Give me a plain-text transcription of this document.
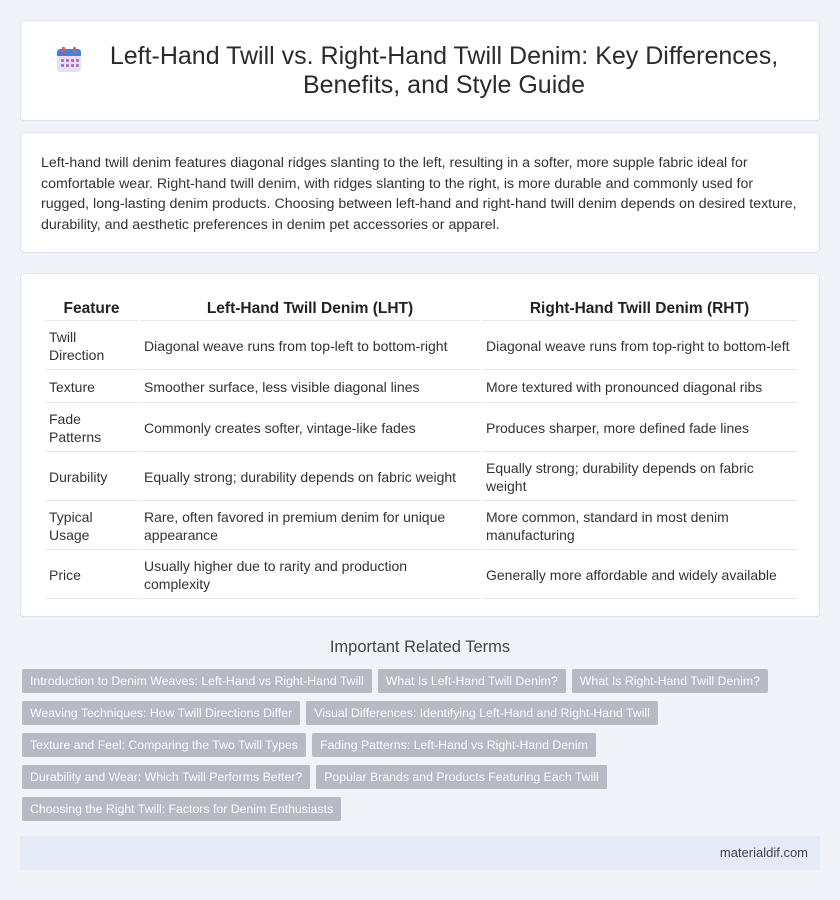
Left-Hand Twill vs. Right-Hand Twill Denim: Key Differences, Benefits, and Style Guide

Left-hand twill denim features diagonal ridges slanting to the left, resulting in a softer, more supple fabric ideal for comfortable wear. Right-hand twill denim, with ridges slanting to the right, is more durable and commonly used for rugged, long-lasting denim products. Choosing between left-hand and right-hand twill denim depends on desired texture, durability, and aesthetic preferences in denim pet accessories or apparel.

Feature	Left-Hand Twill Denim (LHT)	Right-Hand Twill Denim (RHT)
Twill Direction	Diagonal weave runs from top-left to bottom-right	Diagonal weave runs from top-right to bottom-left
Texture	Smoother surface, less visible diagonal lines	More textured with pronounced diagonal ribs
Fade Patterns	Commonly creates softer, vintage-like fades	Produces sharper, more defined fade lines
Durability	Equally strong; durability depends on fabric weight	Equally strong; durability depends on fabric weight
Typical Usage	Rare, often favored in premium denim for unique appearance	More common, standard in most denim manufacturing
Price	Usually higher due to rarity and production complexity	Generally more affordable and widely available
Important Related Terms
Introduction to Denim Weaves: Left-Hand vs Right-Hand Twill What Is Left-Hand Twill Denim? What Is Right-Hand Twill Denim?
Weaving Techniques: How Twill Directions Differ Visual Differences: Identifying Left-Hand and Right-Hand Twill
Texture and Feel: Comparing the Two Twill Types Fading Patterns: Left-Hand vs Right-Hand Denim
Durability and Wear: Which Twill Performs Better? Popular Brands and Products Featuring Each Twill
Choosing the Right Twill: Factors for Denim Enthusiasts
materialdif.com
